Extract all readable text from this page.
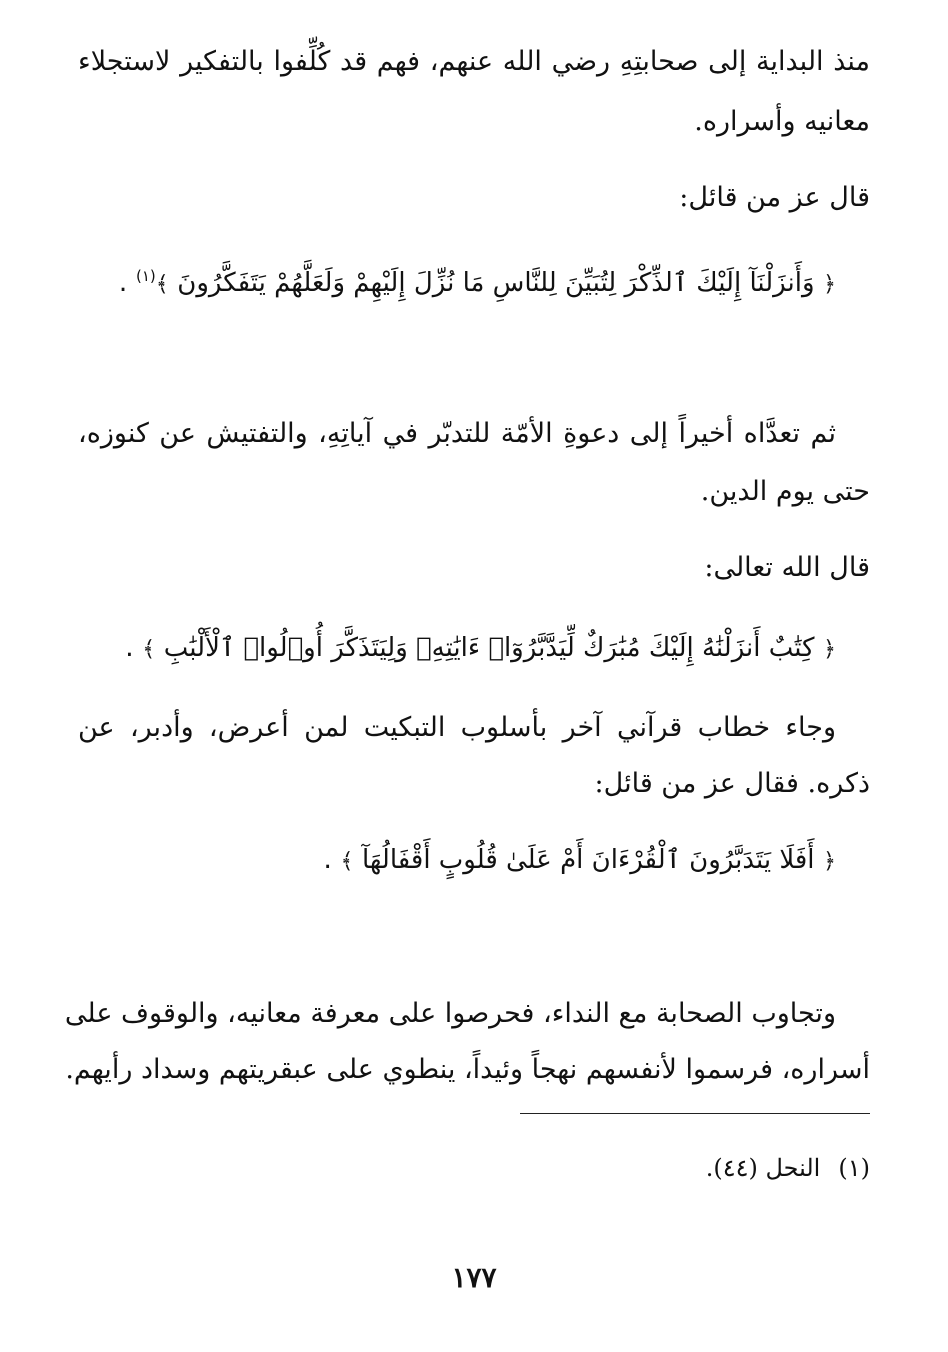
منذ البداية إلى صحابتِهِ رضي الله عنهم، فهم قد كُلِّفوا بالتفكير لاستجلاء
معانيه وأسراره.
قال عز من قائل:
﴿ وَأَنزَلْنَآ إِلَيْكَ ٱلذِّكْرَ لِتُبَيِّنَ لِلنَّاسِ مَا نُزِّلَ إِلَيْهِمْ وَلَعَلَّهُمْ يَتَفَكَّرُونَ ﴾$^{(١)}$ .
ثم تعدَّاه أخيراً إلى دعوةِ الأمّة للتدبّر في آياتِهِ، والتفتيش عن كنوزه،
حتى يوم الدين.
قال الله تعالى:
﴿ كِتَٰبٌ أَنزَلْنَٰهُ إِلَيْكَ مُبَٰرَكٌ لِّيَدَّبَّرُوٓا۟ ءَايَٰتِهِۦ وَلِيَتَذَكَّرَ أُو۟لُوا۟ ٱلْأَلْبَٰبِ ﴾ .
وجاء خطاب قرآني آخر بأسلوب التبكيت لمن أعرض، وأدبر، عن
ذكره. فقال عز من قائل:
﴿ أَفَلَا يَتَدَبَّرُونَ ٱلْقُرْءَانَ أَمْ عَلَىٰ قُلُوبٍ أَقْفَالُهَآ ﴾ .
وتجاوب الصحابة مع النداء، فحرصوا على معرفة معانيه، والوقوف على
أسراره، فرسموا لأنفسهم نهجاً وئيداً، ينطوي على عبقريتهم وسداد رأيهم.
(١)النحل (٤٤).
١٧٧
